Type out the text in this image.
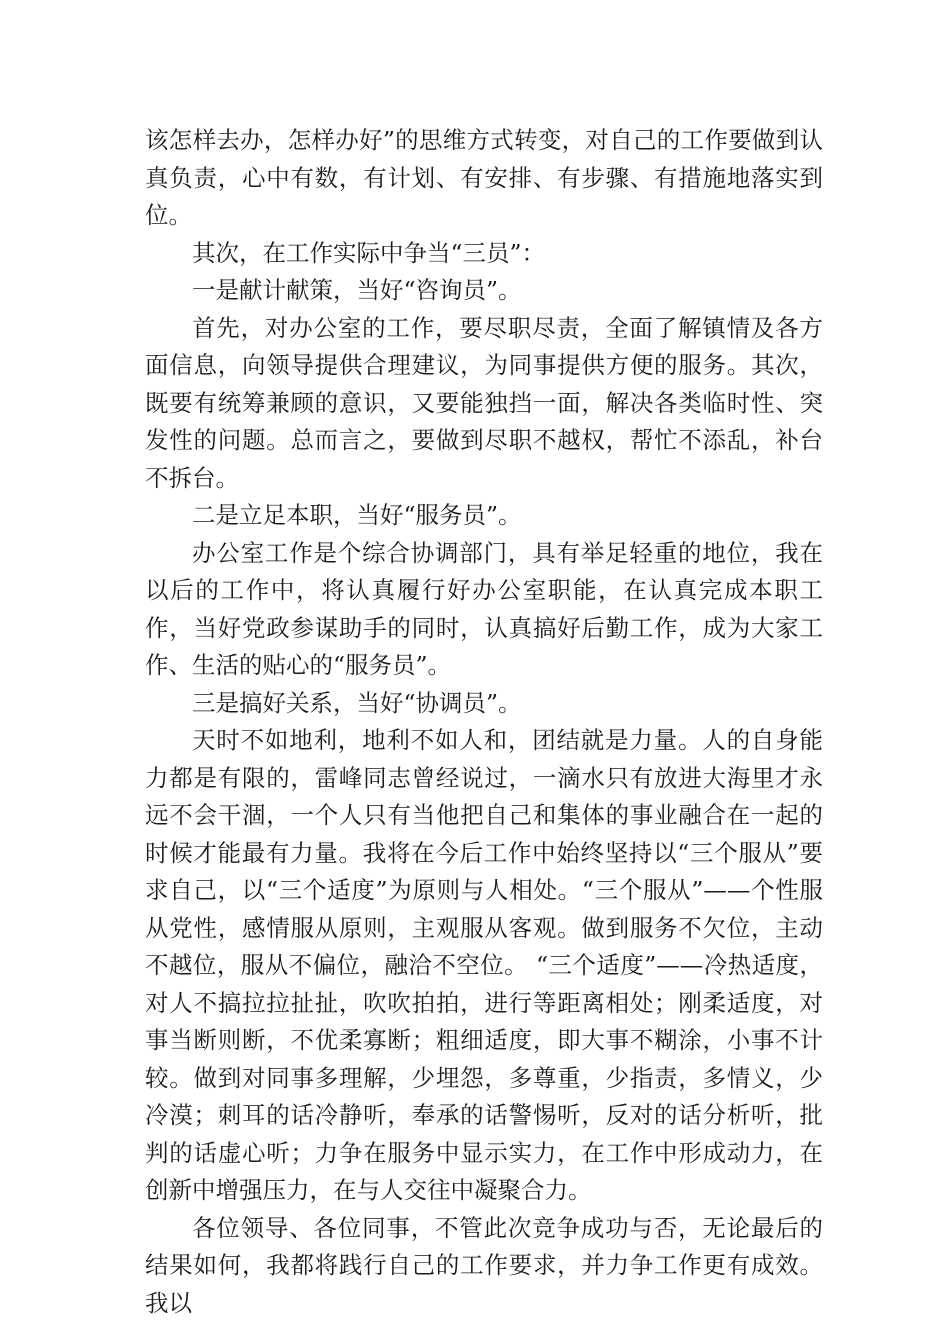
该怎样去办，怎样办好”的思维方式转变，对自己的工作要做到认真负责，心中有数，有计划、有安排、有步骤、有措施地落实到位。

其次，在工作实际中争当“三员”：

一是献计献策，当好“咨询员”。

首先，对办公室的工作，要尽职尽责，全面了解镇情及各方面信息，向领导提供合理建议，为同事提供方便的服务。其次，既要有统筹兼顾的意识，又要能独挡一面，解决各类临时性、突发性的问题。总而言之，要做到尽职不越权，帮忙不添乱，补台不拆台。

二是立足本职，当好“服务员”。

办公室工作是个综合协调部门，具有举足轻重的地位，我在以后的工作中，将认真履行好办公室职能，在认真完成本职工作，当好党政参谋助手的同时，认真搞好后勤工作，成为大家工作、生活的贴心的“服务员”。

三是搞好关系，当好“协调员”。

天时不如地利，地利不如人和，团结就是力量。人的自身能力都是有限的，雷峰同志曾经说过，一滴水只有放进大海里才永远不会干涸，一个人只有当他把自己和集体的事业融合在一起的时候才能最有力量。我将在今后工作中始终坚持以“三个服从”要求自己，以“三个适度”为原则与人相处。“三个服从”——个性服从党性，感情服从原则，主观服从客观。做到服务不欠位，主动不越位，服从不偏位，融洽不空位。 “三个适度”——冷热适度，对人不搞拉拉扯扯，吹吹拍拍，进行等距离相处；刚柔适度，对事当断则断，不优柔寡断；粗细适度，即大事不糊涂，小事不计较。做到对同事多理解，少埋怨，多尊重，少指责，多情义，少冷漠；刺耳的话冷静听，奉承的话警惕听，反对的话分析听，批判的话虚心听；力争在服务中显示实力，在工作中形成动力，在创新中增强压力，在与人交往中凝聚合力。

各位领导、各位同事，不管此次竞争成功与否，无论最后的结果如何，我都将践行自己的工作要求，并力争工作更有成效。我以
